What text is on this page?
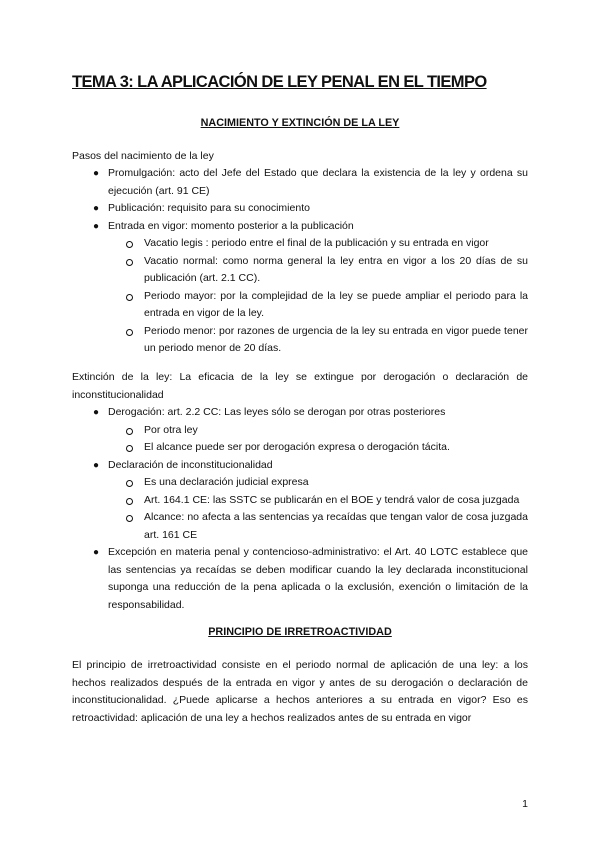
TEMA 3: LA APLICACIÓN DE LEY PENAL EN EL TIEMPO
NACIMIENTO Y EXTINCIÓN DE LA LEY

Pasos del nacimiento de la ley

● Promulgación: acto del Jefe del Estado que declara la existencia de la ley y ordena su ejecución (art. 91 CE)
● Publicación: requisito para su conocimiento
● Entrada en vigor: momento posterior a la publicación
Vacatio legis : periodo entre el final de la publicación y su entrada en vigor
Vacatio normal: como norma general la ley entra en vigor a los 20 días de su publicación (art. 2.1 CC).
Periodo mayor: por la complejidad de la ley se puede ampliar el periodo para la entrada en vigor de la ley.
Periodo menor: por razones de urgencia de la ley su entrada en vigor puede tener un periodo menor de 20 días.

Extinción de la ley: La eficacia de la ley se extingue por derogación o declaración de inconstitucionalidad

● Derogación: art. 2.2 CC: Las leyes sólo se derogan por otras posteriores
Por otra ley
El alcance puede ser por derogación expresa o derogación tácita.
● Declaración de inconstitucionalidad
Es una declaración judicial expresa
Art. 164.1 CE: las SSTC se publicarán en el BOE y tendrá valor de cosa juzgada
Alcance: no afecta a las sentencias ya recaídas que tengan valor de cosa juzgada art. 161 CE
● Excepción en materia penal y contencioso-administrativo: el Art. 40 LOTC establece que las sentencias ya recaídas se deben modificar cuando la ley declarada inconstitucional suponga una reducción de la pena aplicada o la exclusión, exención o limitación de la responsabilidad.
PRINCIPIO DE IRRETROACTIVIDAD

El principio de irretroactividad consiste en el periodo normal de aplicación de una ley: a los hechos realizados después de la entrada en vigor y antes de su derogación o declaración de inconstitucionalidad. ¿Puede aplicarse a hechos anteriores a su entrada en vigor? Eso es retroactividad: aplicación de una ley a hechos realizados antes de su entrada en vigor

1
